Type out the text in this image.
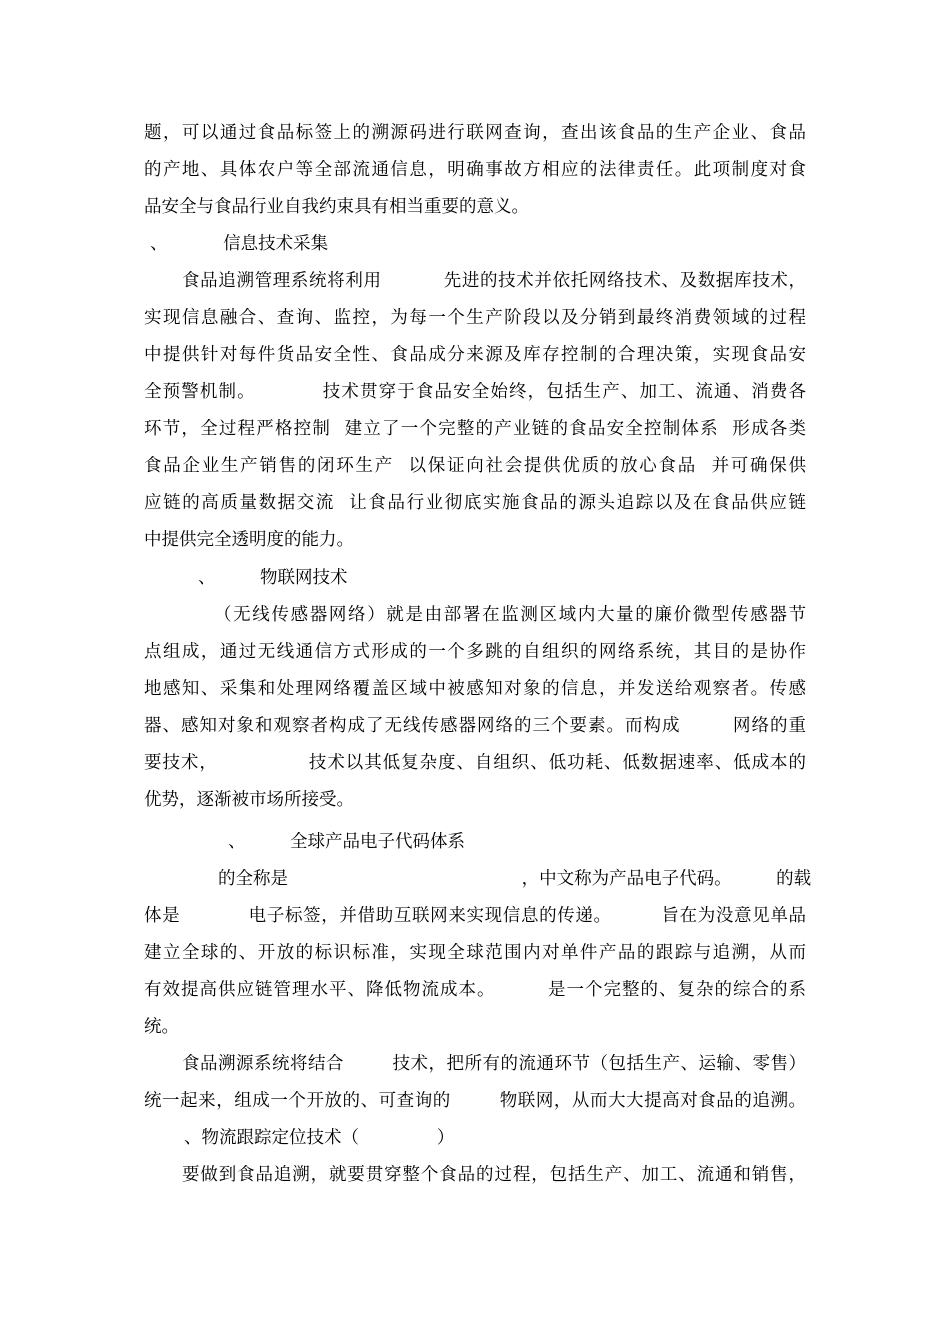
题，可以通过食品标签上的溯源码进行联网查询，查出该食品的生产企业、食品
的产地、具体农户等全部流通信息，明确事故方相应的法律责任。此项制度对食
品安全与食品行业自我约束具有相当重要的意义。
、          信息技术采集
食品追溯管理系统将利用          先进的技术并依托网络技术、及数据库技术，
实现信息融合、查询、监控，为每一个生产阶段以及分销到最终消费领域的过程
中提供针对每件货品安全性、食品成分来源及库存控制的合理决策，实现食品安
全预警机制。          技术贯穿于食品安全始终，包括生产、加工、流通、消费各
环节，全过程严格控制  建立了一个完整的产业链的食品安全控制体系  形成各类
食品企业生产销售的闭环生产  以保证向社会提供优质的放心食品  并可确保供
应链的高质量数据交流  让食品行业彻底实施食品的源头追踪以及在食品供应链
中提供完全透明度的能力。
、        物联网技术
（无线传感器网络）就是由部署在监测区域内大量的廉价微型传感器节
点组成，通过无线通信方式形成的一个多跳的自组织的网络系统，其目的是协作
地感知、采集和处理网络覆盖区域中被感知对象的信息，并发送给观察者。传感
器、感知对象和观察者构成了无线传感器网络的三个要素。而构成        网络的重
要技术，              技术以其低复杂度、自组织、低功耗、低数据速率、低成本的
优势，逐渐被市场所接受。
、        全球产品电子代码体系
的全称是                                          ，中文称为产品电子代码。        的载
体是           电子标签，并借助互联网来实现信息的传递。        旨在为没意见单品
建立全球的、开放的标识标准，实现全球范围内对单件产品的跟踪与追溯，从而
有效提高供应链管理水平、降低物流成本。        是一个完整的、复杂的综合的系
统。
食品溯源系统将结合        技术，把所有的流通环节（包括生产、运输、零售）
统一起来，组成一个开放的、可查询的        物联网，从而大大提高对食品的追溯。
、物流跟踪定位技术（              ）
要做到食品追溯，就要贯穿整个食品的过程，包括生产、加工、流通和销售，
